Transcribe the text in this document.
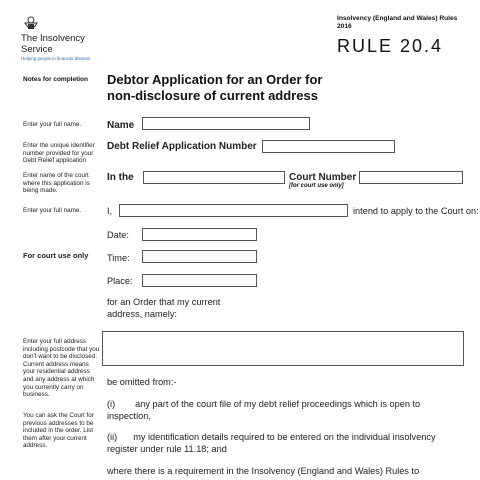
The Insolvency
Service
Helping people in financial distress
Insolvency (England and Wales) Rules
2016
RULE 20.4
Notes for completion Debtor Application for an Order for
non-disclosure of current address
Enter your full name.	Name
Enter the unique identifier number provided for your Debt Relief application
Debt Relief Application Number
Enter name of the court where this application is being made.
In the	Court Number
[for court use only]
Enter your full name.	I,	intend to apply to the Court on:
Date:
For court use only	Time:
Place:
for an Order that my current
address, namely:
Enter your full address including postcode that you don't want to be disclosed. Current address means your residential address and any address at which you currently carry on business.
You can ask the Court for previous addresses to be included in the order. List them after your current address.
be omitted from:-
(i) any part of the court file of my debt relief proceedings which is open to
inspection,
(ii) my identification details required to be entered on the individual insolvency
register under rule 11.18; and
where there is a requirement in the Insolvency (England and Wales) Rules to
